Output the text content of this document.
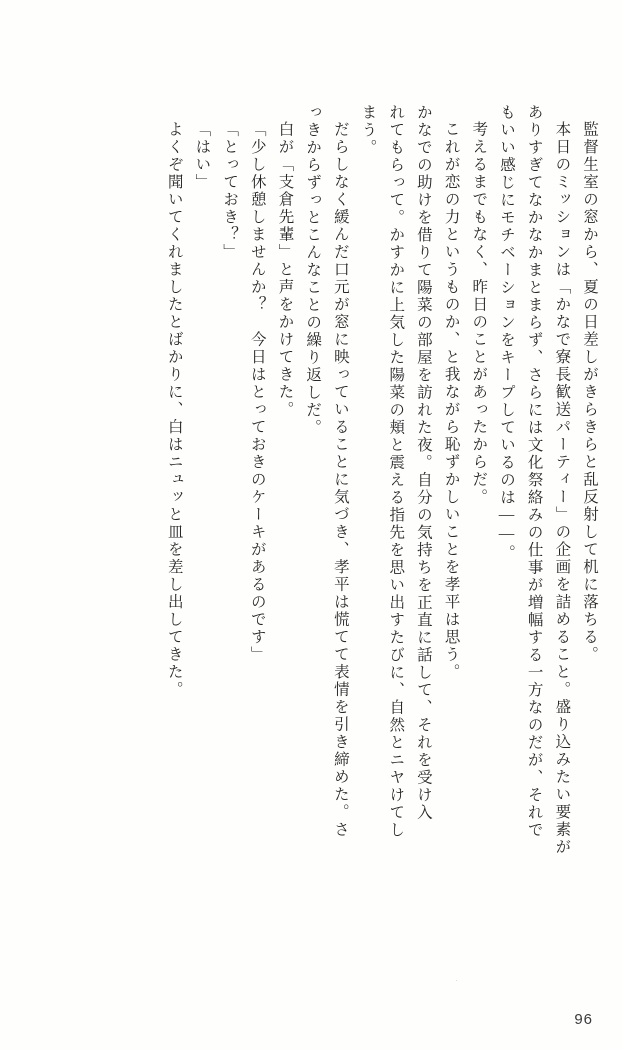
監督生室の窓から、夏の日差しがきらきらと乱反射して机に落ちる。
本日のミッションは「かなで寮長歓送パーティー」の企画を詰めること。盛り込みたい要素が
ありすぎてなかなかまとまらず、さらには文化祭絡みの仕事が増幅する一方なのだが、それで
もいい感じにモチベーションをキープしているのは——。
考えるまでもなく、昨日のことがあったからだ。
これが恋の力というものか、と我ながら恥ずかしいことを孝平は思う。
かなでの助けを借りて陽菜の部屋を訪れた夜。自分の気持ちを正直に話して、それを受け入
れてもらって。かすかに上気した陽菜の頬と震える指先を思い出すたびに、自然とニヤけてし
まう。
だらしなく緩んだ口元が窓に映っていることに気づき、孝平は慌てて表情を引き締めた。さ
っきからずっとこんなことの繰り返しだ。
白が「支倉先輩」と声をかけてきた。
「少し休憩しませんか？　今日はとっておきのケーキがあるのです」
「とっておき？」
「はい」
よくぞ聞いてくれましたとばかりに、白はニュッと皿を差し出してきた。
96
·
